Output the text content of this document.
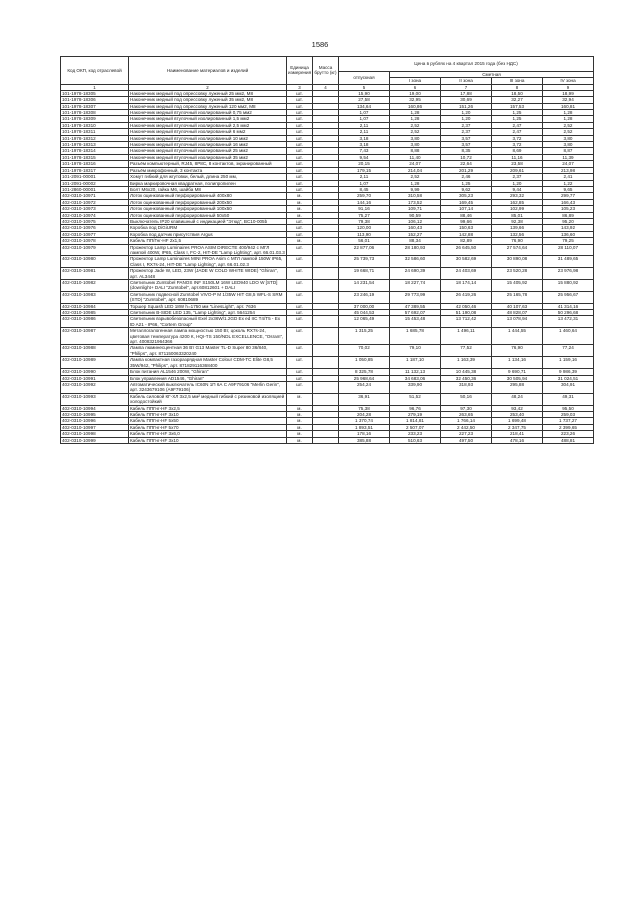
1586
Код ОКП, код отраслевой	Наименование материалов и изделий	Единица измерения	Масса брутто (кг)	Цена в рублях на 4 квартал 2015 года (без НДС)				
				отпускная	Сметная			
					I зона	II зона	III зона	IV зона
1	2	3	4	5	6	7	8	9
101-1978-18305	Наконечник медный под опрессовку луженый 25 мм2, М8	шт.		15,90	19,00	17,88	18,50	18,99
101-1978-18306	Наконечник медный под опрессовку луженый 35 мм2, М8	шт.		27,58	32,95	30,69	32,27	32,94
101-1978-18307	Наконечник медный под опрессовку луженый 120 мм2, М8	шт.		134,64	160,86	151,26	157,53	160,81
101-1978-18308	Наконечник медный втулочный изолированный 0,75 мм2	шт.		1,07	1,28	1,20	1,25	1,28
101-1978-18309	Наконечник медный втулочный изолированный 1,5 мм2	шт.		1,07	1,28	1,20	1,25	1,28
101-1978-18310	Наконечник медный втулочный изолированный 2,5 мм2	шт.		2,11	2,52	2,37	2,47	2,52
101-1978-18311	Наконечник медный втулочный изолированный 6 мм2	шт.		2,11	2,52	2,37	2,47	2,52
101-1978-18312	Наконечник медный втулочный изолированный 10 мм2	шт.		3,18	3,80	3,57	3,72	3,80
101-1978-18313	Наконечник медный втулочный изолированный 16 мм2	шт.		3,18	3,80	3,57	3,72	3,80
101-1978-18314	Наконечник медный втулочный изолированный 25 мм2	шт.		7,43	8,88	8,35	8,69	8,87
101-1978-18315	Наконечник медный втулочный изолированный 35 мм2	шт.		9,54	11,40	10,72	11,16	11,39
101-1978-18316	Разъём компьютерный, RJ45, 8P8C, 8 контактов, экранированный	шт.		20,15	24,07	22,64	23,58	24,07
101-1978-18317	Разъём микрофонный, 3 контакта	шт.		179,15	214,04	201,29	209,61	213,98
101-2091-00001	Хомут гибкий для жгутовки, белый, длина 250 мм,	шт.		2,11	2,52	2,46	2,37	2,41
101-2091-00002	Бирка маркировочная квадратная, полипропилен	шт.		1,07	1,28	1,25	1,20	1,22
101-2860-00001	Болт М6х20, гайка М6, шайба М8	шт.		8,45	9,99	9,62	9,44	9,65
402-0310-10971	Лоток оцинкованный перфорированный 400х80	м.		259,70	310,58	305,23	293,32	299,77
402-0310-10972	Лоток оцинкованный перфорированный 200х50	м.		144,16	173,52	169,45	162,85	166,43
402-0310-10973	Лоток оцинкованный перфорированный 100х50	м.		91,16	109,71	107,14	102,99	105,23
402-0310-10974	Лоток оцинкованный перфорированный 50х50	м.		75,27	90,59	88,46	85,01	86,89
402-0310-10975	Выключатель IP20 клавишный с индикацией "Этюд", BC10-005b	шт.		79,38	106,12	99,66	92,38	95,20
402-0310-10976	Коробка под DiGiURM	шт.		120,00	160,43	150,63	139,66	143,92
402-0310-10977	Коробка под датчик присутствия Argus	шт.		113,90	152,27	142,88	132,56	136,60
402-0310-10978	Кабель ПП/Гнг-НF 2х1,5	м.		56,01	88,34	82,89	76,90	79,25
402-0310-10979	Прожектор Lamp Luminaires PROA ASIM DIRECTE 400/942 с МГЛ лампой 400W, IP65, Class I, FC-2, HIT-DE "Lamp Lighting", арт. 66.01.03.3	шт.		22 877,06	28 180,93	26 645,50	27 574,64	28 110,07
402-0310-10980	Прожектор Lamp Luminaires MINI PROA Asim с МГЛ лампой 150W IP65, Class I, RX7s-24, HIT-DE "Lamp Lighting", арт. 66.01.02.3	шт.		25 739,73	32 586,60	30 582,69	30 890,08	31 489,65
402-0310-10981	Прожектор Jade W, LED, 23W (JADE W COLD WHITE WIDE) "Ghiran", арт. AL3448	шт.		19 668,71	24 690,39	24 403,69	23 520,28	23 976,98
402-0310-10982	Светильник Zumtobel PANOS INF S150LM 16W LED940 LDO W [STD] (downlight+ DALI "Zumtobel", арт.60812601 + DALI	шт.		14 231,54	18 227,74	18 174,14	15 405,92	15 880,92
402-0310-10983	Светильник подвесной Zumtobel VIVO-P M 1/35W HIT G8,5 WFL-S SRM (STD) "Zumtobel", арт. 60810689	шт.		23 246,19	29 773,99	26 419,26	25 165,78	25 956,67
402-0310-10984	Торшер Squash LED 18W h=1750 мм "LinesLight", арт. 7636	шт.		37 000,00	47 389,55	42 050,46	40 107,63	41 314,16
402-0310-10985	Светильник B-SIDE LED 135, "Lamp Lighting", арт. 5641254	шт.		45 044,53	57 692,07	51 190,08	48 828,07	50 296,68
402-0310-10986	Светильник взрывобезопасный Exel 2х36W/1.2GD Ex ed IIC T4/T5 - Ex tD A21 - IP66, "Cortem Group"	шт.		12 065,49	15 453,48	13 712,42	13 078,94	13 472,31
402-0310-10987	Металлогалогенная лампа мощностью 150 Вт, цоколь RX7s-24, цветовая температура 4200 К, HQI-TS 150/NDL EXCELLENCE, "Osram", арт. 4008321964366	шт.		1 315,25	1 685,78	1 496,11	1 444,55	1 460,64
402-0310-10988	Лампа люминесцентная 36 Вт G13 Master TL-D Super 80 36/840, "Philips", арт. 871150063320240	шт.		70,02	79,10	77,52	76,90	77,24
402-0310-10989	Лампа компактная газоразрядная Master Colour CDM-TC Elite G8,5 35W/942, "Philips", арт. 871829116368400	шт.		1 050,85	1 187,10	1 163,39	1 134,16	1 159,16
402-0310-10990	Блок питания AL1546 200W, "Ghiran"	шт.		8 325,78	11 132,13	10 445,38	9 690,71	9 986,39
402-0310-10991	Блок управления AD1546, "Ghiran"	шт.		25 968,64	34 683,06	32 450,36	30 505,94	31 024,51
402-0310-10992	Автоматический выключатель IC60N 1П 6А C A9F79106 "Merlin Gerin", арт. 3243679106 (A9F79106)	шт.		254,24	339,90	318,93	295,88	304,91
402-0310-10993	Кабель силовой КГ-ХЛ 3х2,5 мм² медный гибкий с резиновой изоляцией холодостойкий	м.		36,91	51,52	50,16	48,24	49,31
402-0310-10994	Кабель ППГнг-НF 3х2,5	м.		75,38	96,76	97,30	93,42	95,50
402-0310-10995	Кабель ППГнг-НF 3х10	м.		204,28	279,19	263,65	253,40	259,03
402-0310-10996	Кабель ППГнг-НF 5х50	м.		1 370,74	1 814,81	1 766,14	1 699,48	1 737,27
402-0310-10997	Кабель ППГнг-НF 5х70	м.		1 893,51	2 507,07	2 442,50	2 347,75	2 399,65
402-0310-10998	Кабель ППГнг-НF 3х6,0	м.		178,16	233,23	227,23	218,41	223,26
402-0310-10999	Кабель ППГнг-НF 3х10	м.		385,88	510,63	497,50	478,16	488,81
